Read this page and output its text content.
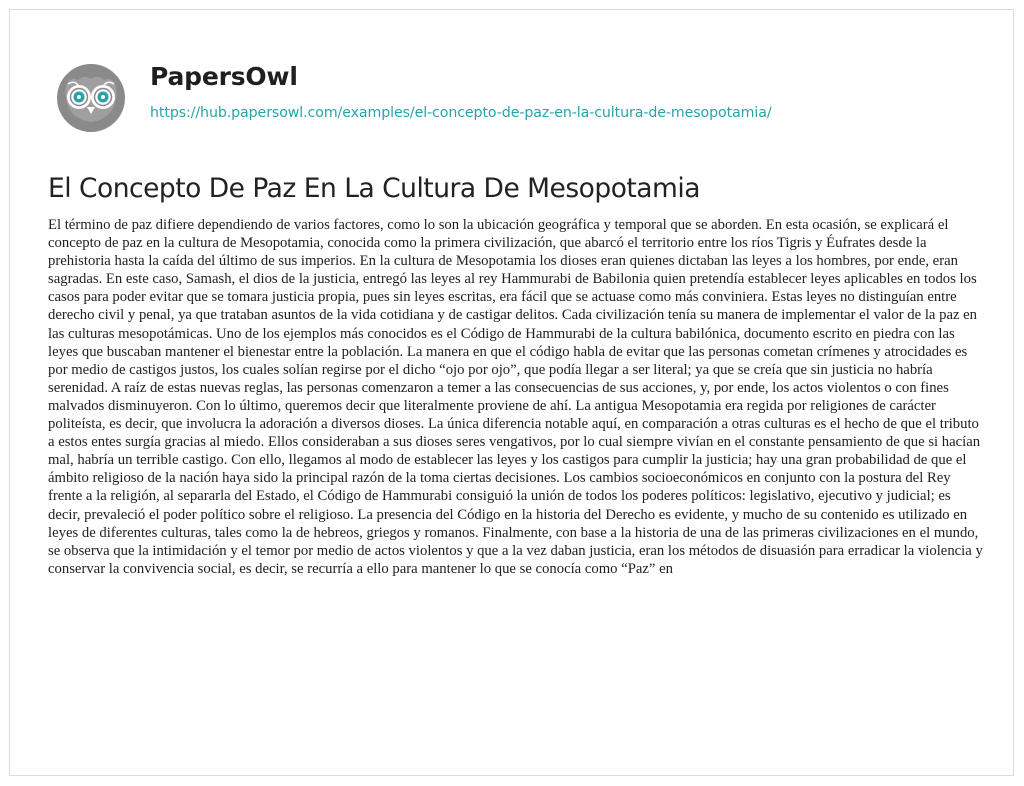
PapersOwl
https://hub.papersowl.com/examples/el-concepto-de-paz-en-la-cultura-de-mesopotamia/
El Concepto De Paz En La Cultura De Mesopotamia

El término de paz difiere dependiendo de varios factores, como lo son la ubicación geográfica y temporal que se aborden. En esta ocasión, se explicará el concepto de paz en la cultura de Mesopotamia, conocida como la primera civilización, que abarcó el territorio entre los ríos Tigris y Éufrates desde la prehistoria hasta la caída del último de sus imperios. En la cultura de Mesopotamia los dioses eran quienes dictaban las leyes a los hombres, por ende, eran sagradas. En este caso, Samash, el dios de la justicia, entregó las leyes al rey Hammurabi de Babilonia quien pretendía establecer leyes aplicables en todos los casos para poder evitar que se tomara justicia propia, pues sin leyes escritas, era fácil que se actuase como más conviniera. Estas leyes no distinguían entre derecho civil y penal, ya que trataban asuntos de la vida cotidiana y de castigar delitos. Cada civilización tenía su manera de implementar el valor de la paz en las culturas mesopotámicas. Uno de los ejemplos más conocidos es el Código de Hammurabi de la cultura babilónica, documento escrito en piedra con las leyes que buscaban mantener el bienestar entre la población. La manera en que el código habla de evitar que las personas cometan crímenes y atrocidades es por medio de castigos justos, los cuales solían regirse por el dicho “ojo por ojo”, que podía llegar a ser literal; ya que se creía que sin justicia no habría serenidad. A raíz de estas nuevas reglas, las personas comenzaron a temer a las consecuencias de sus acciones, y, por ende, los actos violentos o con fines malvados disminuyeron. Con lo último, queremos decir que literalmente proviene de ahí. La antigua Mesopotamia era regida por religiones de carácter politeísta, es decir, que involucra la adoración a diversos dioses. La única diferencia notable aquí, en comparación a otras culturas es el hecho de que el tributo a estos entes surgía gracias al miedo. Ellos consideraban a sus dioses seres vengativos, por lo cual siempre vivían en el constante pensamiento de que si hacían mal, habría un terrible castigo. Con ello, llegamos al modo de establecer las leyes y los castigos para cumplir la justicia; hay una gran probabilidad de que el ámbito religioso de la nación haya sido la principal razón de la toma ciertas decisiones. Los cambios socioeconómicos en conjunto con la postura del Rey frente a la religión, al separarla del Estado, el Código de Hammurabi consiguió la unión de todos los poderes políticos: legislativo, ejecutivo y judicial; es decir, prevaleció el poder político sobre el religioso. La presencia del Código en la historia del Derecho es evidente, y mucho de su contenido es utilizado en leyes de diferentes culturas, tales como la de hebreos, griegos y romanos. Finalmente, con base a la historia de una de las primeras civilizaciones en el mundo, se observa que la intimidación y el temor por medio de actos violentos y que a la vez daban justicia, eran los métodos de disuasión para erradicar la violencia y conservar la convivencia social, es decir, se recurría a ello para mantener lo que se conocía como “Paz” en
